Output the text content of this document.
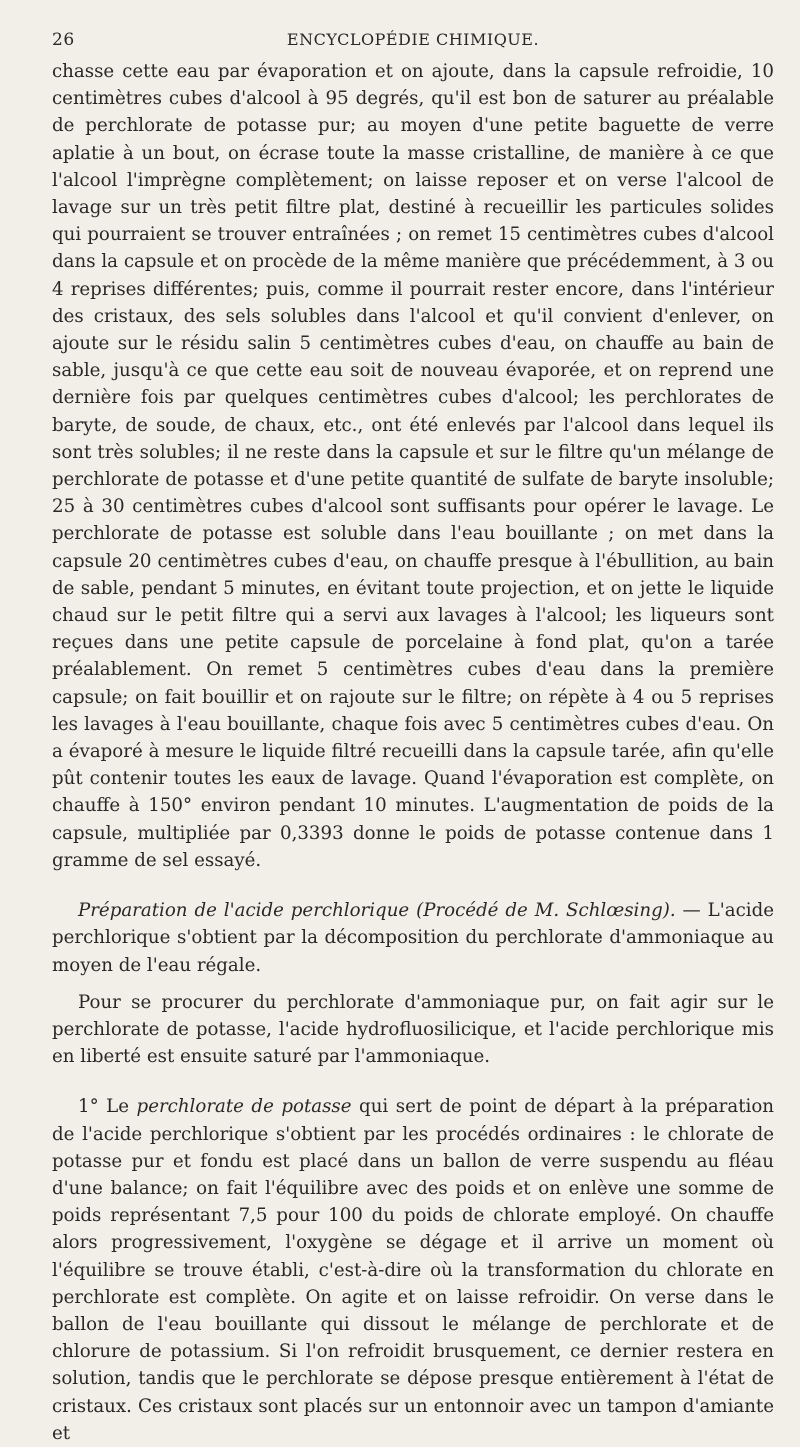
26	ENCYCLOPÉDIE CHIMIQUE.

chasse cette eau par évaporation et on ajoute, dans la capsule refroidie, 10 centimètres cubes d'alcool à 95 degrés, qu'il est bon de saturer au préalable de perchlorate de potasse pur; au moyen d'une petite baguette de verre aplatie à un bout, on écrase toute la masse cristalline, de manière à ce que l'alcool l'imprègne complètement; on laisse reposer et on verse l'alcool de lavage sur un très petit filtre plat, destiné à recueillir les particules solides qui pourraient se trouver entraînées ; on remet 15 centimètres cubes d'alcool dans la capsule et on procède de la même manière que précédemment, à 3 ou 4 reprises différentes; puis, comme il pourrait rester encore, dans l'intérieur des cristaux, des sels solubles dans l'alcool et qu'il convient d'enlever, on ajoute sur le résidu salin 5 centimètres cubes d'eau, on chauffe au bain de sable, jusqu'à ce que cette eau soit de nouveau évaporée, et on reprend une dernière fois par quelques centimètres cubes d'alcool; les perchlorates de baryte, de soude, de chaux, etc., ont été enlevés par l'alcool dans lequel ils sont très solubles; il ne reste dans la capsule et sur le filtre qu'un mélange de perchlorate de potasse et d'une petite quantité de sulfate de baryte insoluble; 25 à 30 centimètres cubes d'alcool sont suffisants pour opérer le lavage. Le perchlorate de potasse est soluble dans l'eau bouillante ; on met dans la capsule 20 centimètres cubes d'eau, on chauffe presque à l'ébullition, au bain de sable, pendant 5 minutes, en évitant toute projection, et on jette le liquide chaud sur le petit filtre qui a servi aux lavages à l'alcool; les liqueurs sont reçues dans une petite capsule de porcelaine à fond plat, qu'on a tarée préalablement. On remet 5 centimètres cubes d'eau dans la première capsule; on fait bouillir et on rajoute sur le filtre; on répète à 4 ou 5 reprises les lavages à l'eau bouillante, chaque fois avec 5 centimètres cubes d'eau. On a évaporé à mesure le liquide filtré recueilli dans la capsule tarée, afin qu'elle pût contenir toutes les eaux de lavage. Quand l'évaporation est complète, on chauffe à 150° environ pendant 10 minutes. L'augmentation de poids de la capsule, multipliée par 0,3393 donne le poids de potasse contenue dans 1 gramme de sel essayé.

Préparation de l'acide perchlorique (Procédé de M. Schlœsing). — L'acide perchlorique s'obtient par la décomposition du perchlorate d'ammoniaque au moyen de l'eau régale.

Pour se procurer du perchlorate d'ammoniaque pur, on fait agir sur le perchlorate de potasse, l'acide hydrofluosilicique, et l'acide perchlorique mis en liberté est ensuite saturé par l'ammoniaque.

1° Le perchlorate de potasse qui sert de point de départ à la préparation de l'acide perchlorique s'obtient par les procédés ordinaires : le chlorate de potasse pur et fondu est placé dans un ballon de verre suspendu au fléau d'une balance; on fait l'équilibre avec des poids et on enlève une somme de poids représentant 7,5 pour 100 du poids de chlorate employé. On chauffe alors progressivement, l'oxygène se dégage et il arrive un moment où l'équilibre se trouve établi, c'est-à-dire où la transformation du chlorate en perchlorate est complète. On agite et on laisse refroidir. On verse dans le ballon de l'eau bouillante qui dissout le mélange de perchlorate et de chlorure de potassium. Si l'on refroidit brusquement, ce dernier restera en solution, tandis que le perchlorate se dépose presque entièrement à l'état de cristaux. Ces cristaux sont placés sur un entonnoir avec un tampon d'amiante et
